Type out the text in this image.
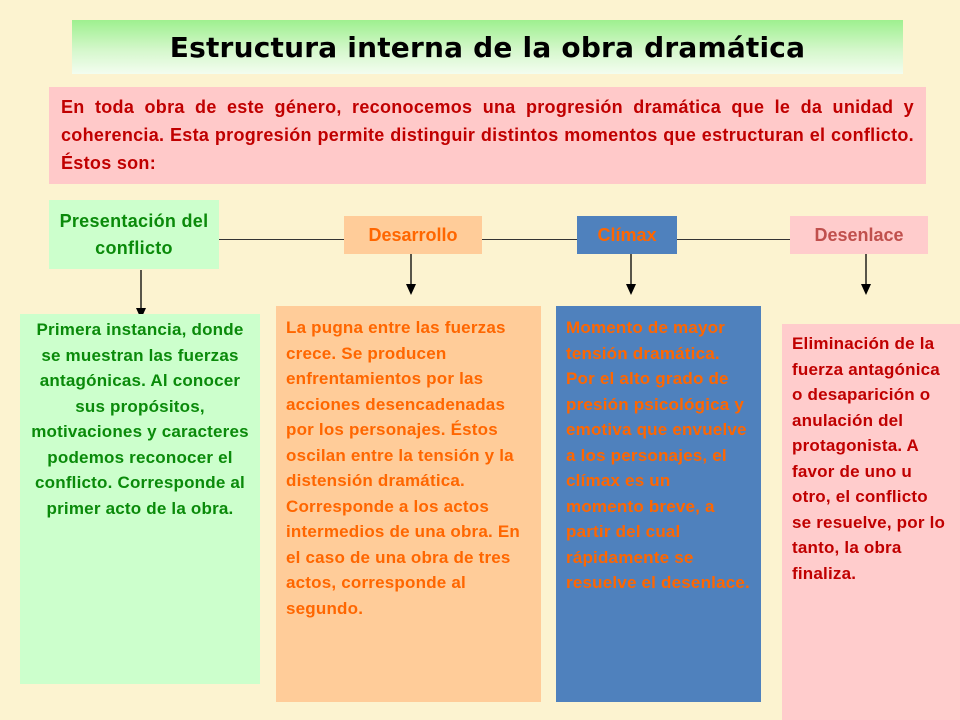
Estructura interna de la obra dramática
En toda obra de este género, reconocemos una progresión dramática que le da unidad y coherencia. Esta progresión permite distinguir distintos momentos que estructuran el conflicto. Éstos son:
Presentación del conflicto
Desarrollo	Clímax	Desenlace
Primera instancia, donde se muestran las fuerzas antagónicas. Al conocer sus propósitos, motivaciones y caracteres podemos reconocer el conflicto. Corresponde al primer acto de la obra.
La pugna entre las fuerzas crece. Se producen enfrentamientos por las acciones desencadenadas por los personajes. Éstos oscilan entre la tensión y la distensión dramática. Corresponde a los actos intermedios de una obra. En el caso de una obra de tres actos, corresponde al segundo.
Momento de mayor tensión dramática. Por el alto grado de presión psicológica y emotiva que envuelve a los personajes, el clímax es un momento breve, a partir del cual rápidamente se resuelve el desenlace.
Eliminación de la fuerza antagónica o desaparición o anulación del protagonista. A favor de uno u otro, el conflicto se resuelve, por lo tanto, la obra finaliza.
